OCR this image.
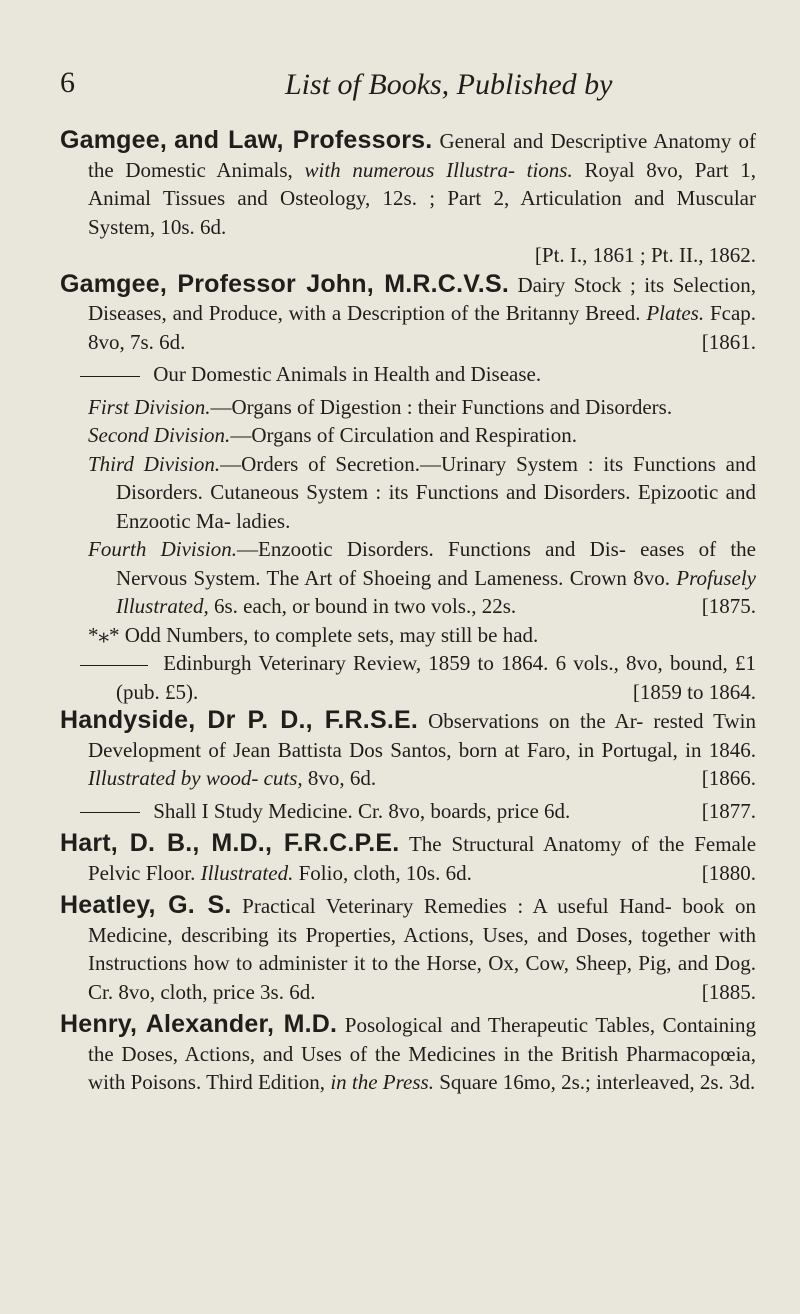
6	List of Books, Published by

Gamgee, and Law, Professors. General and Descriptive Anatomy of the Domestic Animals, with numerous Illustra- tions. Royal 8vo, Part 1, Animal Tissues and Osteology, 12s. ; Part 2, Articulation and Muscular System, 10s. 6d.
[Pt. I., 1861 ; Pt. II., 1862.

Gamgee, Professor John, M.R.C.V.S. Dairy Stock ; its Selection, Diseases, and Produce, with a Description of the Britanny Breed. Plates. Fcap. 8vo, 7s. 6d.	[1861.

Our Domestic Animals in Health and Disease.

First Division.—Organs of Digestion : their Functions and Disorders.

Second Division.—Organs of Circulation and Respiration.

Third Division.—Orders of Secretion.—Urinary System : its Functions and Disorders. Cutaneous System : its Functions and Disorders. Epizootic and Enzootic Ma- ladies.

Fourth Division.—Enzootic Disorders. Functions and Dis- eases of the Nervous System. The Art of Shoeing and Lameness. Crown 8vo. Profusely Illustrated, 6s. each, or bound in two vols., 22s.	[1875.

*⁎* Odd Numbers, to complete sets, may still be had.

Edinburgh Veterinary Review, 1859 to 1864. 6 vols., 8vo, bound, £1 (pub. £5).	[1859 to 1864.

Handyside, Dr P. D., F.R.S.E. Observations on the Ar- rested Twin Development of Jean Battista Dos Santos, born at Faro, in Portugal, in 1846. Illustrated by wood- cuts, 8vo, 6d.	[1866.

Shall I Study Medicine. Cr. 8vo, boards, price 6d.	[1877.

Hart, D. B., M.D., F.R.C.P.E. The Structural Anatomy of the Female Pelvic Floor. Illustrated. Folio, cloth, 10s. 6d.	[1880.

Heatley, G. S. Practical Veterinary Remedies : A useful Hand- book on Medicine, describing its Properties, Actions, Uses, and Doses, together with Instructions how to administer it to the Horse, Ox, Cow, Sheep, Pig, and Dog. Cr. 8vo, cloth, price 3s. 6d.	[1885.

Henry, Alexander, M.D. Posological and Therapeutic Tables, Containing the Doses, Actions, and Uses of the Medicines in the British Pharmacopœia, with Poisons. Third Edition, in the Press. Square 16mo, 2s.; interleaved, 2s. 3d.
